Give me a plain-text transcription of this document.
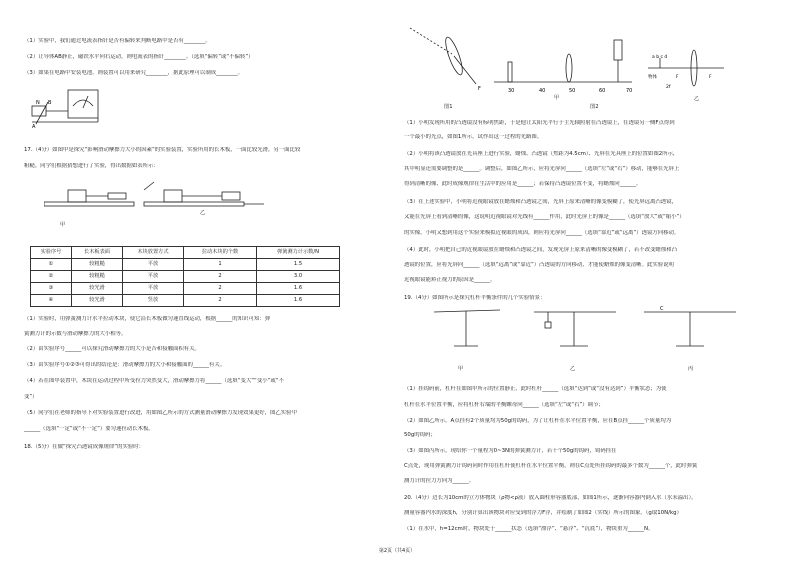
（1）实验中，我们通过电流表指针是否有偏转来判断电路中是否有________。
（2）让导体AB静止，磁铁水平向右运动，则电流表的指针________。（选填“偏转”或“不偏转”）
（3）如果在电路中安装电池，则装置可以用来研究________，据此原理可以制成________。
N B
A
17.（4分）如图甲是探究“影响滑动摩擦力大小的因素”的实验装置，实验所用的长木板，一面比较光滑，另一面比较
粗糙。同学们根据猜想进行了实验，得出数据如表所示：
甲
乙
实验序号	长木板表面	木块放置方式	拉动木块的个数	弹簧测力计示数/N
①	较粗糙	平放	1	1.5
②	较粗糙	平放	2	3.0
③	较光滑	平放	2	1.6
④	较光滑	竖放	2	1.6
（1）实验时，用弹簧测力计水平拉动木块，使它沿长木板做匀速直线运动，根据______的知识可知：弹
簧测力计的示数与滑动摩擦力的大小相等。
（2）由实验序号______可以探究滑动摩擦力的大小是否和接触面积有关。
（3）由实验序号①②③可得出的结论是：滑动摩擦力的大小和接触面的______有关。
（4）若在图甲装置中，木块在运动过程中所受拉力突然变大，滑动摩擦力将______（选填“变大”“变小”或“不
变”）
（5）同学们在老师的指导下对实验装置进行改进，用如图乙所示的方式测量滑动摩擦力发现效果更好，图乙实验中
______（选填“一定”或“不一定”）要匀速拉动长木板。
18.（5分）在做“探究凸透镜成像规律”的实验时：
F	30	40	50	60	70
a b c d
物体	F	F
2f
图1	图2
甲	乙
（1）小明发现所用的凸透镜没有标明焦距，于是他让太阳光平行于主光轴照射在凸透镜上，在透镜另一侧F点得到
一个最小的光点，如图1所示，试作出这一过程的光路图。
（2）小明将该凸透镜放在光具座上进行实验，蜡烛、凸透镜（焦距为4.5cm）、光屏在光具座上的位置如图2所示，
其中明显还需要调整的是______。调整后，如图乙所示，应将光屏向______（选填“左”或“右”）移动，能够在光屏上
得到清晰的像，此时成像规律在生活中的应用是______；若保持凸透镜位置不变，将蜡烛向______。
（3）在上述实验中，小明将近视眼镜放在蜡烛和凸透镜之间，光屏上原来清晰的像变模糊了，使光屏远离凸透镜，
又能在光屏上看到清晰的像，这说明近视眼镜对光线有______作用，此时光屏上的像是______（选填“放大”或“缩小”）
的实像。小明又想到用这个实验来模拟近视眼的成因，则应将光屏向______（选填“靠近”或“远离”）透镜方向移动。
（4）此时，小明把自己的近视眼镜放在蜡烛和凸透镜之间，发现光屏上原来清晰的像变模糊了，若不改变蜡烛和凸
透镜的位置，应将光屏向______（选填“远离”或“靠近”）凸透镜的方向移动，才能使蜡烛的像变清晰。此实验说明
近视眼镜能矫正视力的原因是______。
19.（4分）如图所示是探究杠杆平衡条件的几个实验情景：
C
甲	乙	丙
（1）挂钩码前，杠杆在如图甲所示的位置静止，此时杠杆______（选填“达到”或“没有达到”）平衡状态；为使
杠杆在水平位置平衡，应将杠杆右端的平衡螺母向______（选填“左”或“右”）调节；
（2）如图乙所示，A点挂有2个质量均为50g的钩码，为了让杠杆在水平位置平衡，应在B点挂______个质量均为
50g的钩码；
（3）如图丙所示，现给你一个量程为0~3N的弹簧测力计，若干个50g的钩码，钩码挂在
C点处，现用弹簧测力计钩码同时作用在杠杆使杠杆在水平位置平衡，则在C点处所挂钩码的最多个数为______个，此时弹簧
测力计的拉力方向为______。
20.（4分）边长为10cm的立方体物块（ρ物<ρ液）放入圆柱形容器底部，如图1所示，逐渐向容器内倒入水（水未溢出），
测量容器内水的深度h，分别计算出该物块对应受到的浮力F浮，并绘制了如图2（实线）所示的图象。（g取10N/kg）
（1）在水中，h=12cm时，物块处于______状态（选填“漂浮”、“悬浮”、“沉底”），物块重为______N。
第2页（共4页）
